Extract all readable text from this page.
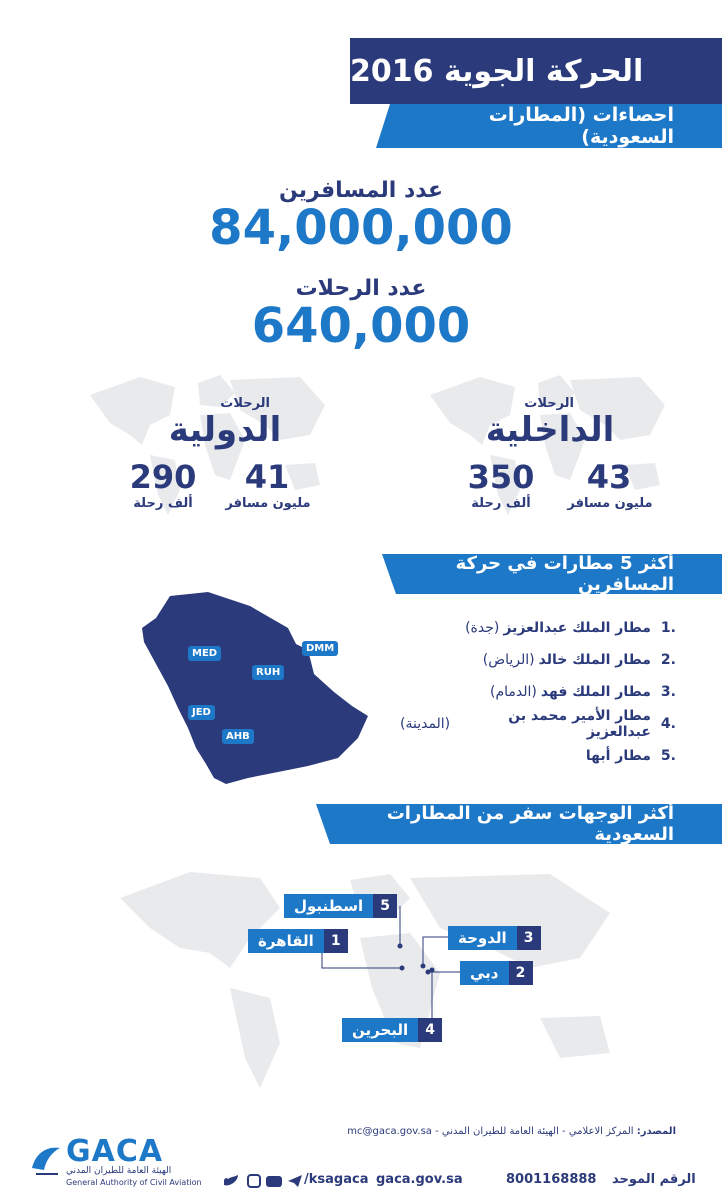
الحركة الجوية 2016
احصاءات (المطارات السعودية)
عدد المسافرين
84,000,000
عدد الرحلات
640,000
الرحلات
الدولية
41
مليون مسافر
290
ألف رحلة
الرحلات
الداخلية
43
مليون مسافر
350
ألف رحلة
أكثر 5 مطارات في حركة المسافرين
MED
RUH
DMM
JED
AHB
.1
مطار الملك عبدالعزيز
(جدة)
.2
مطار الملك خالد
(الرياض)
.3
مطار الملك فهد
(الدمام)
.4
مطار الأمير محمد بن عبدالعزيز
(المدينة)
.5
مطار أبها
أكثر الوجهات سفر من المطارات السعودية
اسطنبول	5
القاهرة	1	الدوحة	3
دبي	2
البحرين	4
المصدر: المركز الاعلامي - الهيئة العامة للطيران المدني - mc@gaca.gov.sa
GACA
الهيئة العامة للطيران المدني
General Authority of Civil Aviation	الرقم الموحد
8001168888
gaca.gov.sa
/ksagaca
